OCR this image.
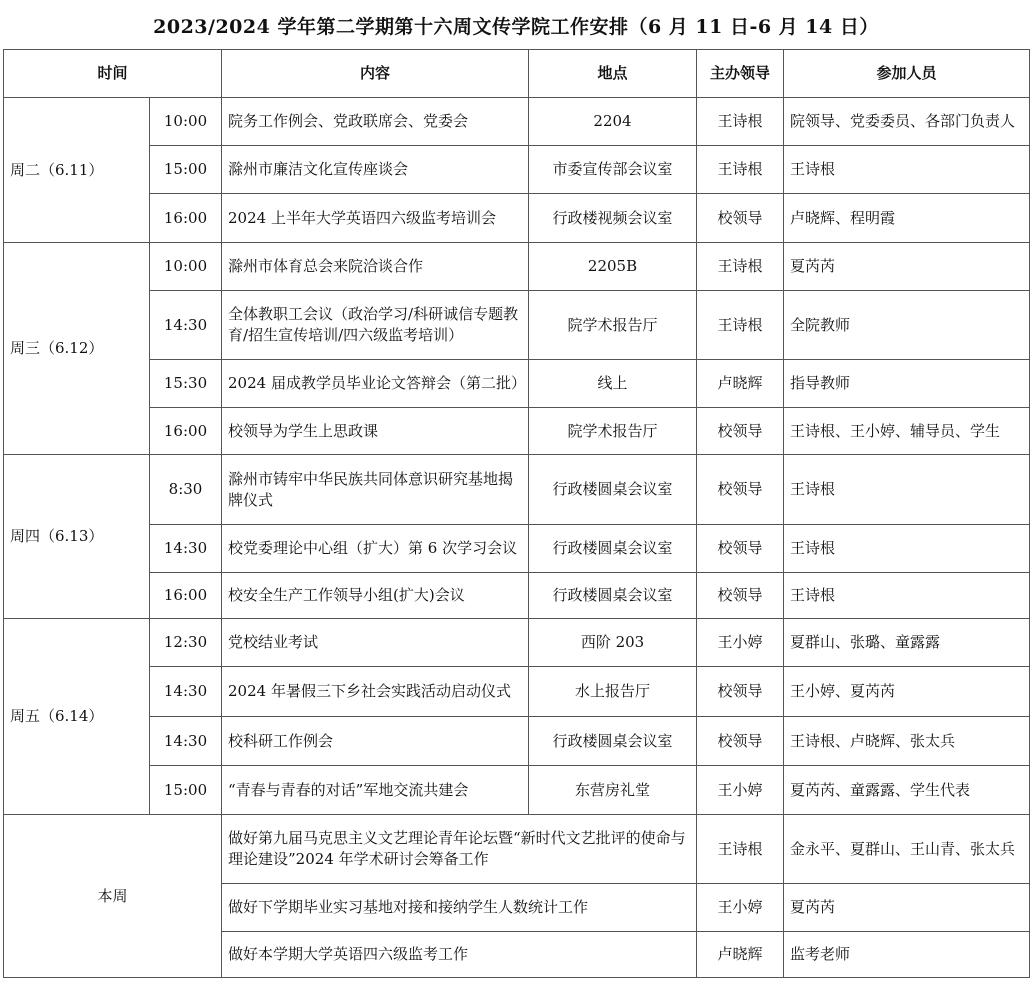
2023/2024 学年第二学期第十六周文传学院工作安排（6 月 11 日-6 月 14 日）
时间		内容	地点	主办领导	参加人员
周二（6.11）	10:00	院务工作例会、党政联席会、党委会	2204	王诗根	院领导、党委委员、各部门负责人
	15:00	滁州市廉洁文化宣传座谈会	市委宣传部会议室	王诗根	王诗根
	16:00	2024 上半年大学英语四六级监考培训会	行政楼视频会议室	校领导	卢晓辉、程明霞
周三（6.12）	10:00	滁州市体育总会来院洽谈合作	2205B	王诗根	夏芮芮
	14:30	全体教职工会议（政治学习/科研诚信专题教育/招生宣传培训/四六级监考培训）	院学术报告厅	王诗根	全院教师
	15:30	2024 届成教学员毕业论文答辩会（第二批）	线上	卢晓辉	指导教师
	16:00	校领导为学生上思政课	院学术报告厅	校领导	王诗根、王小婷、辅导员、学生
周四（6.13）	8:30	滁州市铸牢中华民族共同体意识研究基地揭牌仪式	行政楼圆桌会议室	校领导	王诗根
	14:30	校党委理论中心组（扩大）第 6 次学习会议	行政楼圆桌会议室	校领导	王诗根
	16:00	校安全生产工作领导小组(扩大)会议	行政楼圆桌会议室	校领导	王诗根
周五（6.14）	12:30	党校结业考试	西阶 203	王小婷	夏群山、张璐、童露露
	14:30	2024 年暑假三下乡社会实践活动启动仪式	水上报告厅	校领导	王小婷、夏芮芮
	14:30	校科研工作例会	行政楼圆桌会议室	校领导	王诗根、卢晓辉、张太兵
	15:00	“青春与青春的对话”军地交流共建会	东营房礼堂	王小婷	夏芮芮、童露露、学生代表
本周		做好第九届马克思主义文艺理论青年论坛暨“新时代文艺批评的使命与理论建设”2024 年学术研讨会筹备工作		王诗根	金永平、夏群山、王山青、张太兵
		做好下学期毕业实习基地对接和接纳学生人数统计工作		王小婷	夏芮芮
		做好本学期大学英语四六级监考工作		卢晓辉	监考老师
